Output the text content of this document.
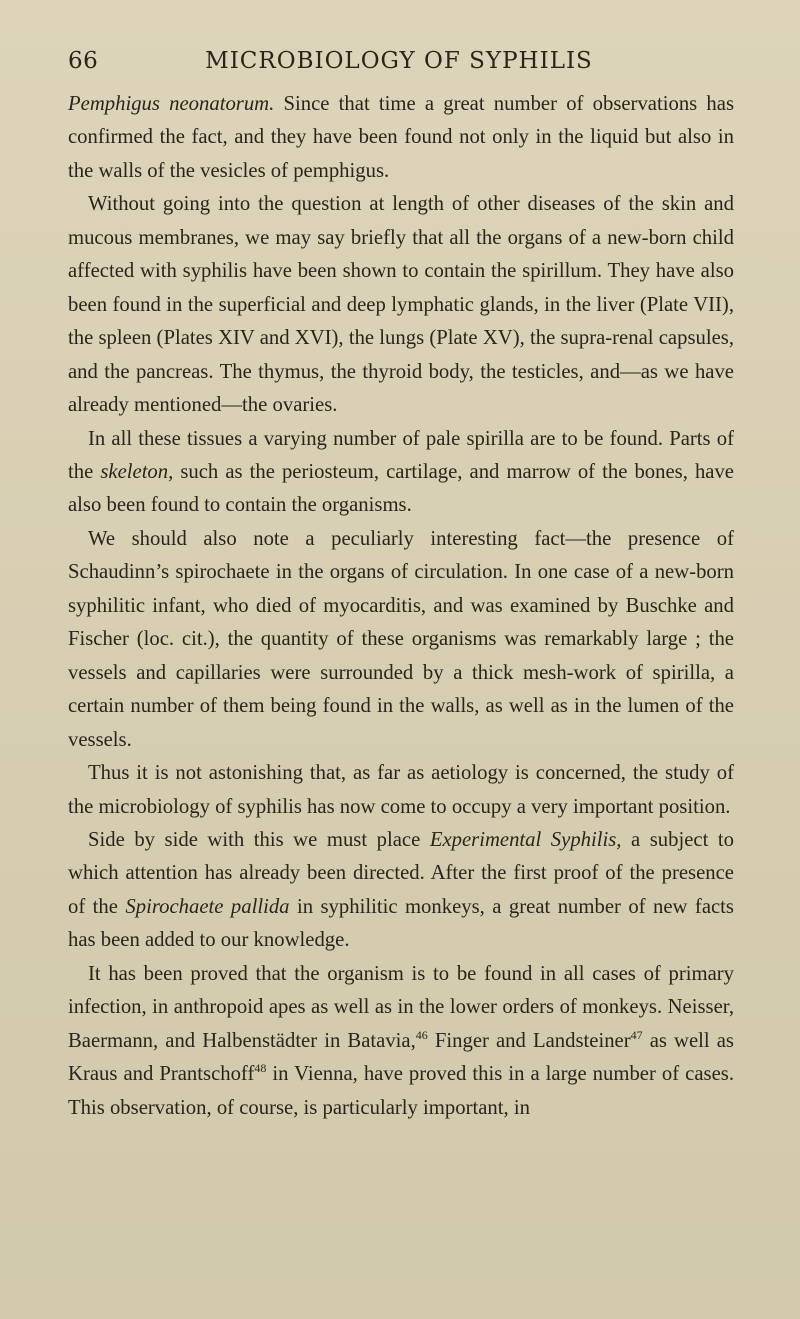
66	MICROBIOLOGY OF SYPHILIS

Pemphigus neonatorum. Since that time a great number of observations has confirmed the fact, and they have been found not only in the liquid but also in the walls of the vesicles of pemphigus.

Without going into the question at length of other diseases of the skin and mucous membranes, we may say briefly that all the organs of a new-born child affected with syphilis have been shown to contain the spirillum. They have also been found in the superficial and deep lymphatic glands, in the liver (Plate VII), the spleen (Plates XIV and XVI), the lungs (Plate XV), the supra-renal capsules, and the pancreas. The thymus, the thyroid body, the testicles, and—as we have already mentioned—the ovaries.

In all these tissues a varying number of pale spirilla are to be found. Parts of the skeleton, such as the periosteum, cartilage, and marrow of the bones, have also been found to contain the organisms.

We should also note a peculiarly interesting fact—the presence of Schaudinn’s spirochaete in the organs of circulation. In one case of a new-born syphilitic infant, who died of myocarditis, and was examined by Buschke and Fischer (loc. cit.), the quantity of these organisms was remarkably large ; the vessels and capillaries were surrounded by a thick mesh-work of spirilla, a certain number of them being found in the walls, as well as in the lumen of the vessels.

Thus it is not astonishing that, as far as aetiology is concerned, the study of the microbiology of syphilis has now come to occupy a very important position.

Side by side with this we must place Experimental Syphilis, a subject to which attention has already been directed. After the first proof of the presence of the Spirochaete pallida in syphilitic monkeys, a great number of new facts has been added to our knowledge.

It has been proved that the organism is to be found in all cases of primary infection, in anthropoid apes as well as in the lower orders of monkeys. Neisser, Baermann, and Halbenstädter in Batavia,$^{46}$ Finger and Landsteiner$^{47}$ as well as Kraus and Prantschoff$^{48}$ in Vienna, have proved this in a large number of cases. This observation, of course, is particularly important, in
